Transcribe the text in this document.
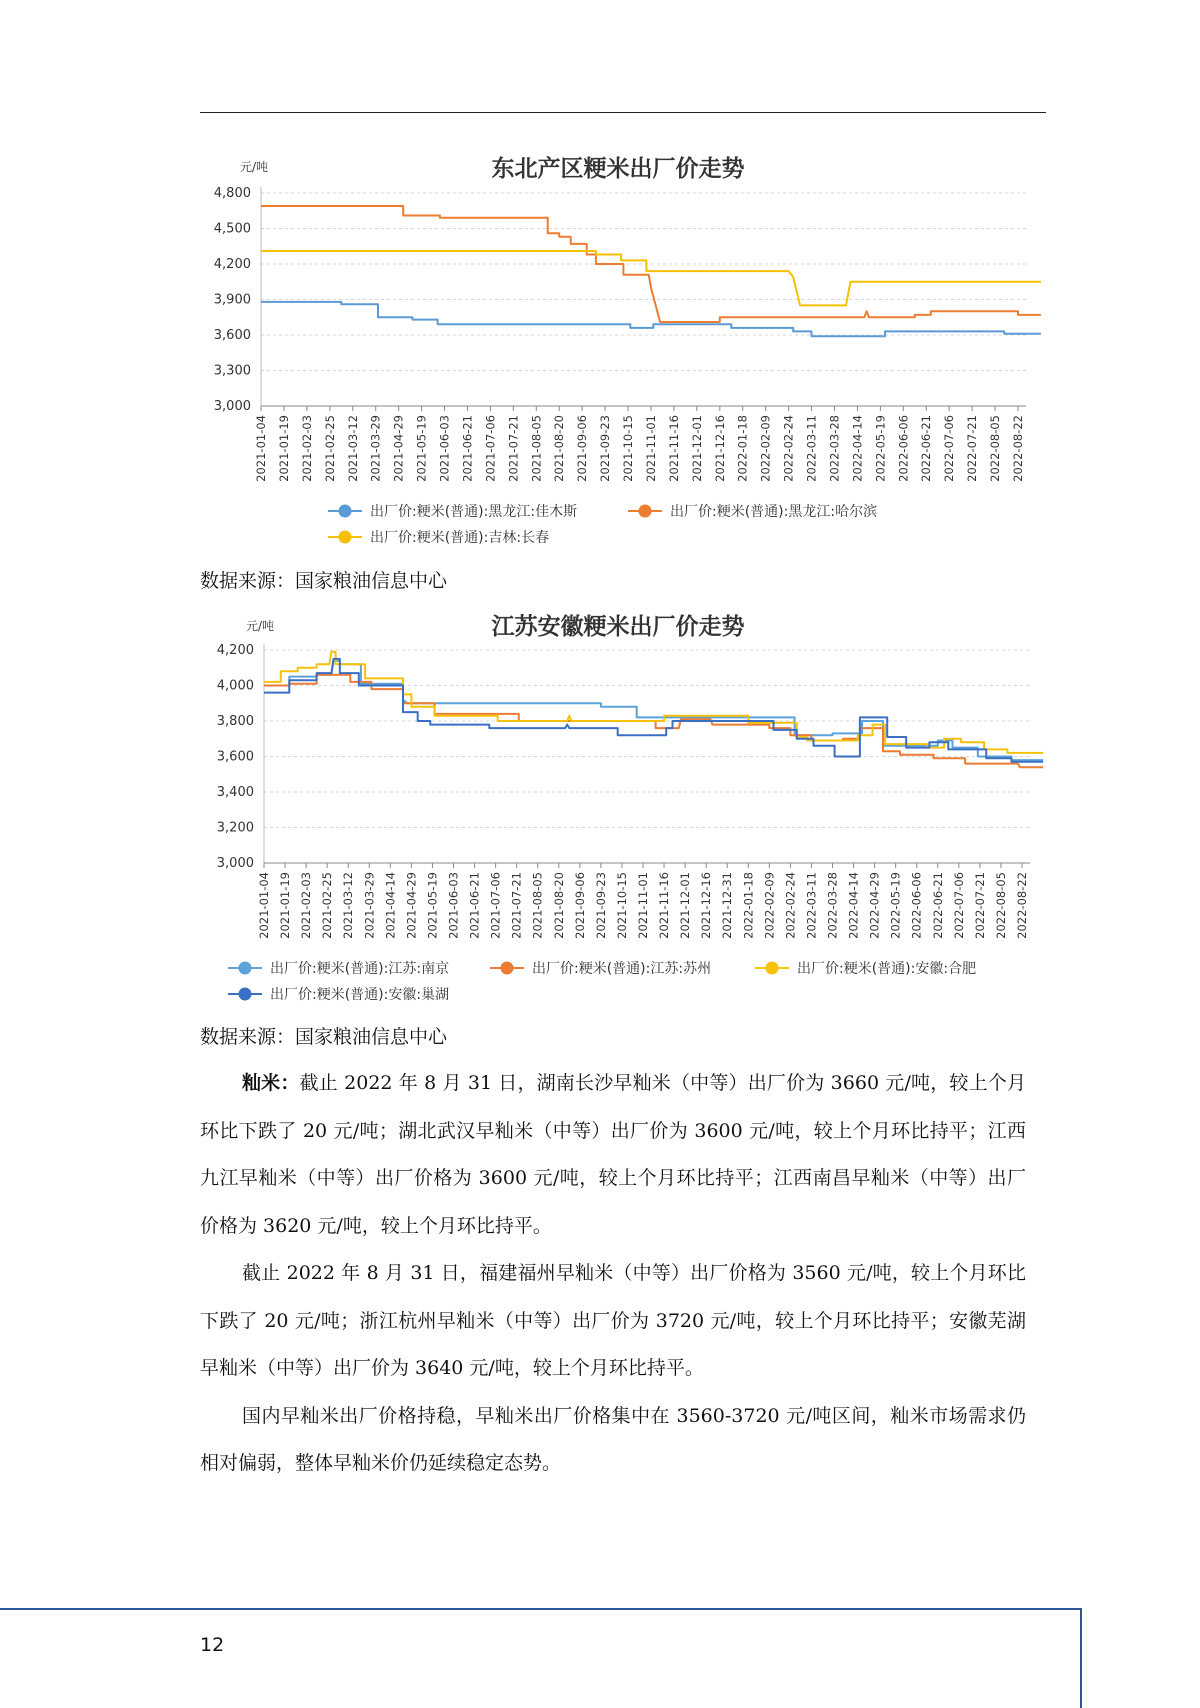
东北产区粳米出厂价走势
元/吨
3,000
3,300
3,600
3,900
4,200
4,500
4,800
2021-01-04 2021-01-19 2021-02-03 2021-02-25 2021-03-12 2021-03-29 2021-04-29 2021-05-19 2021-06-03 2021-06-21 2021-07-06 2021-07-21 2021-08-05 2021-08-20 2021-09-06 2021-09-23 2021-10-15 2021-11-01 2021-11-16 2021-12-01 2021-12-16 2022-01-18 2022-02-09 2022-02-24 2022-03-11 2022-03-28 2022-04-14 2022-05-19 2022-06-06 2022-06-21 2022-07-06 2022-07-21 2022-08-05 2022-08-22
出厂价:粳米(普通):黑龙江:佳木斯	出厂价:粳米(普通):黑龙江:哈尔滨
出厂价:粳米(普通):吉林:长春
数据来源：国家粮油信息中心
江苏安徽粳米出厂价走势
元/吨
3,000
3,200
3,400
3,600
3,800
4,000
4,200
2021-01-04 2021-01-19 2021-02-03 2021-02-25 2021-03-12 2021-03-29 2021-04-14 2021-04-29 2021-05-19 2021-06-03 2021-06-21 2021-07-06 2021-07-21 2021-08-05 2021-08-20 2021-09-06 2021-09-23 2021-10-15 2021-11-01 2021-11-16 2021-12-01 2021-12-16 2021-12-31 2022-01-18 2022-02-09 2022-02-24 2022-03-11 2022-03-28 2022-04-14 2022-04-29 2022-05-19 2022-06-06 2022-06-21 2022-07-06 2022-07-21 2022-08-05 2022-08-22
出厂价:粳米(普通):江苏:南京	出厂价:粳米(普通):江苏:苏州	出厂价:粳米(普通):安徽:合肥
出厂价:粳米(普通):安徽:巢湖
数据来源：国家粮油信息中心

籼米：截止 2022 年 8 月 31 日，湖南长沙早籼米（中等）出厂价为 3660 元/吨，较上个月环比下跌了 20 元/吨；湖北武汉早籼米（中等）出厂价为 3600 元/吨，较上个月环比持平；江西九江早籼米（中等）出厂价格为 3600 元/吨，较上个月环比持平；江西南昌早籼米（中等）出厂价格为 3620 元/吨，较上个月环比持平。

截止 2022 年 8 月 31 日，福建福州早籼米（中等）出厂价格为 3560 元/吨，较上个月环比下跌了 20 元/吨；浙江杭州早籼米（中等）出厂价为 3720 元/吨，较上个月环比持平；安徽芜湖早籼米（中等）出厂价为 3640 元/吨，较上个月环比持平。

国内早籼米出厂价格持稳，早籼米出厂价格集中在 3560-3720 元/吨区间，籼米市场需求仍相对偏弱，整体早籼米价仍延续稳定态势。

12
